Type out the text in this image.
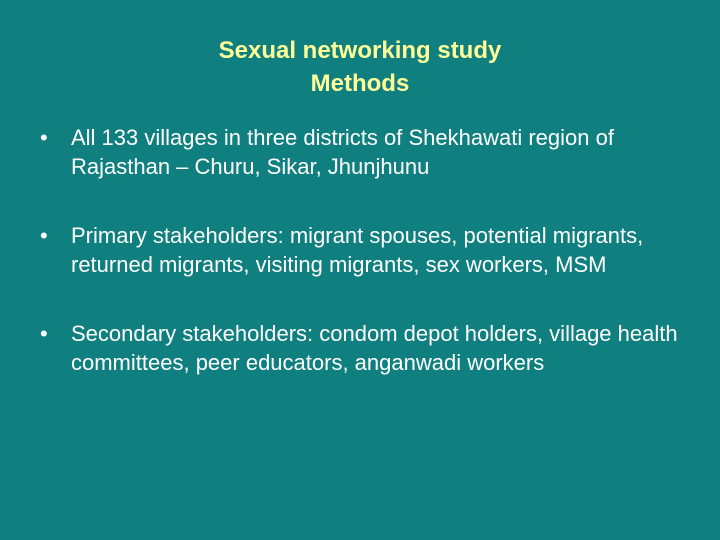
Sexual networking study
Methods
•	All 133 villages in three districts of Shekhawati region of Rajasthan – Churu, Sikar, Jhunjhunu
•	Primary stakeholders: migrant spouses, potential migrants, returned migrants, visiting migrants, sex workers, MSM
•	Secondary stakeholders: condom depot holders, village health committees, peer educators, anganwadi workers
